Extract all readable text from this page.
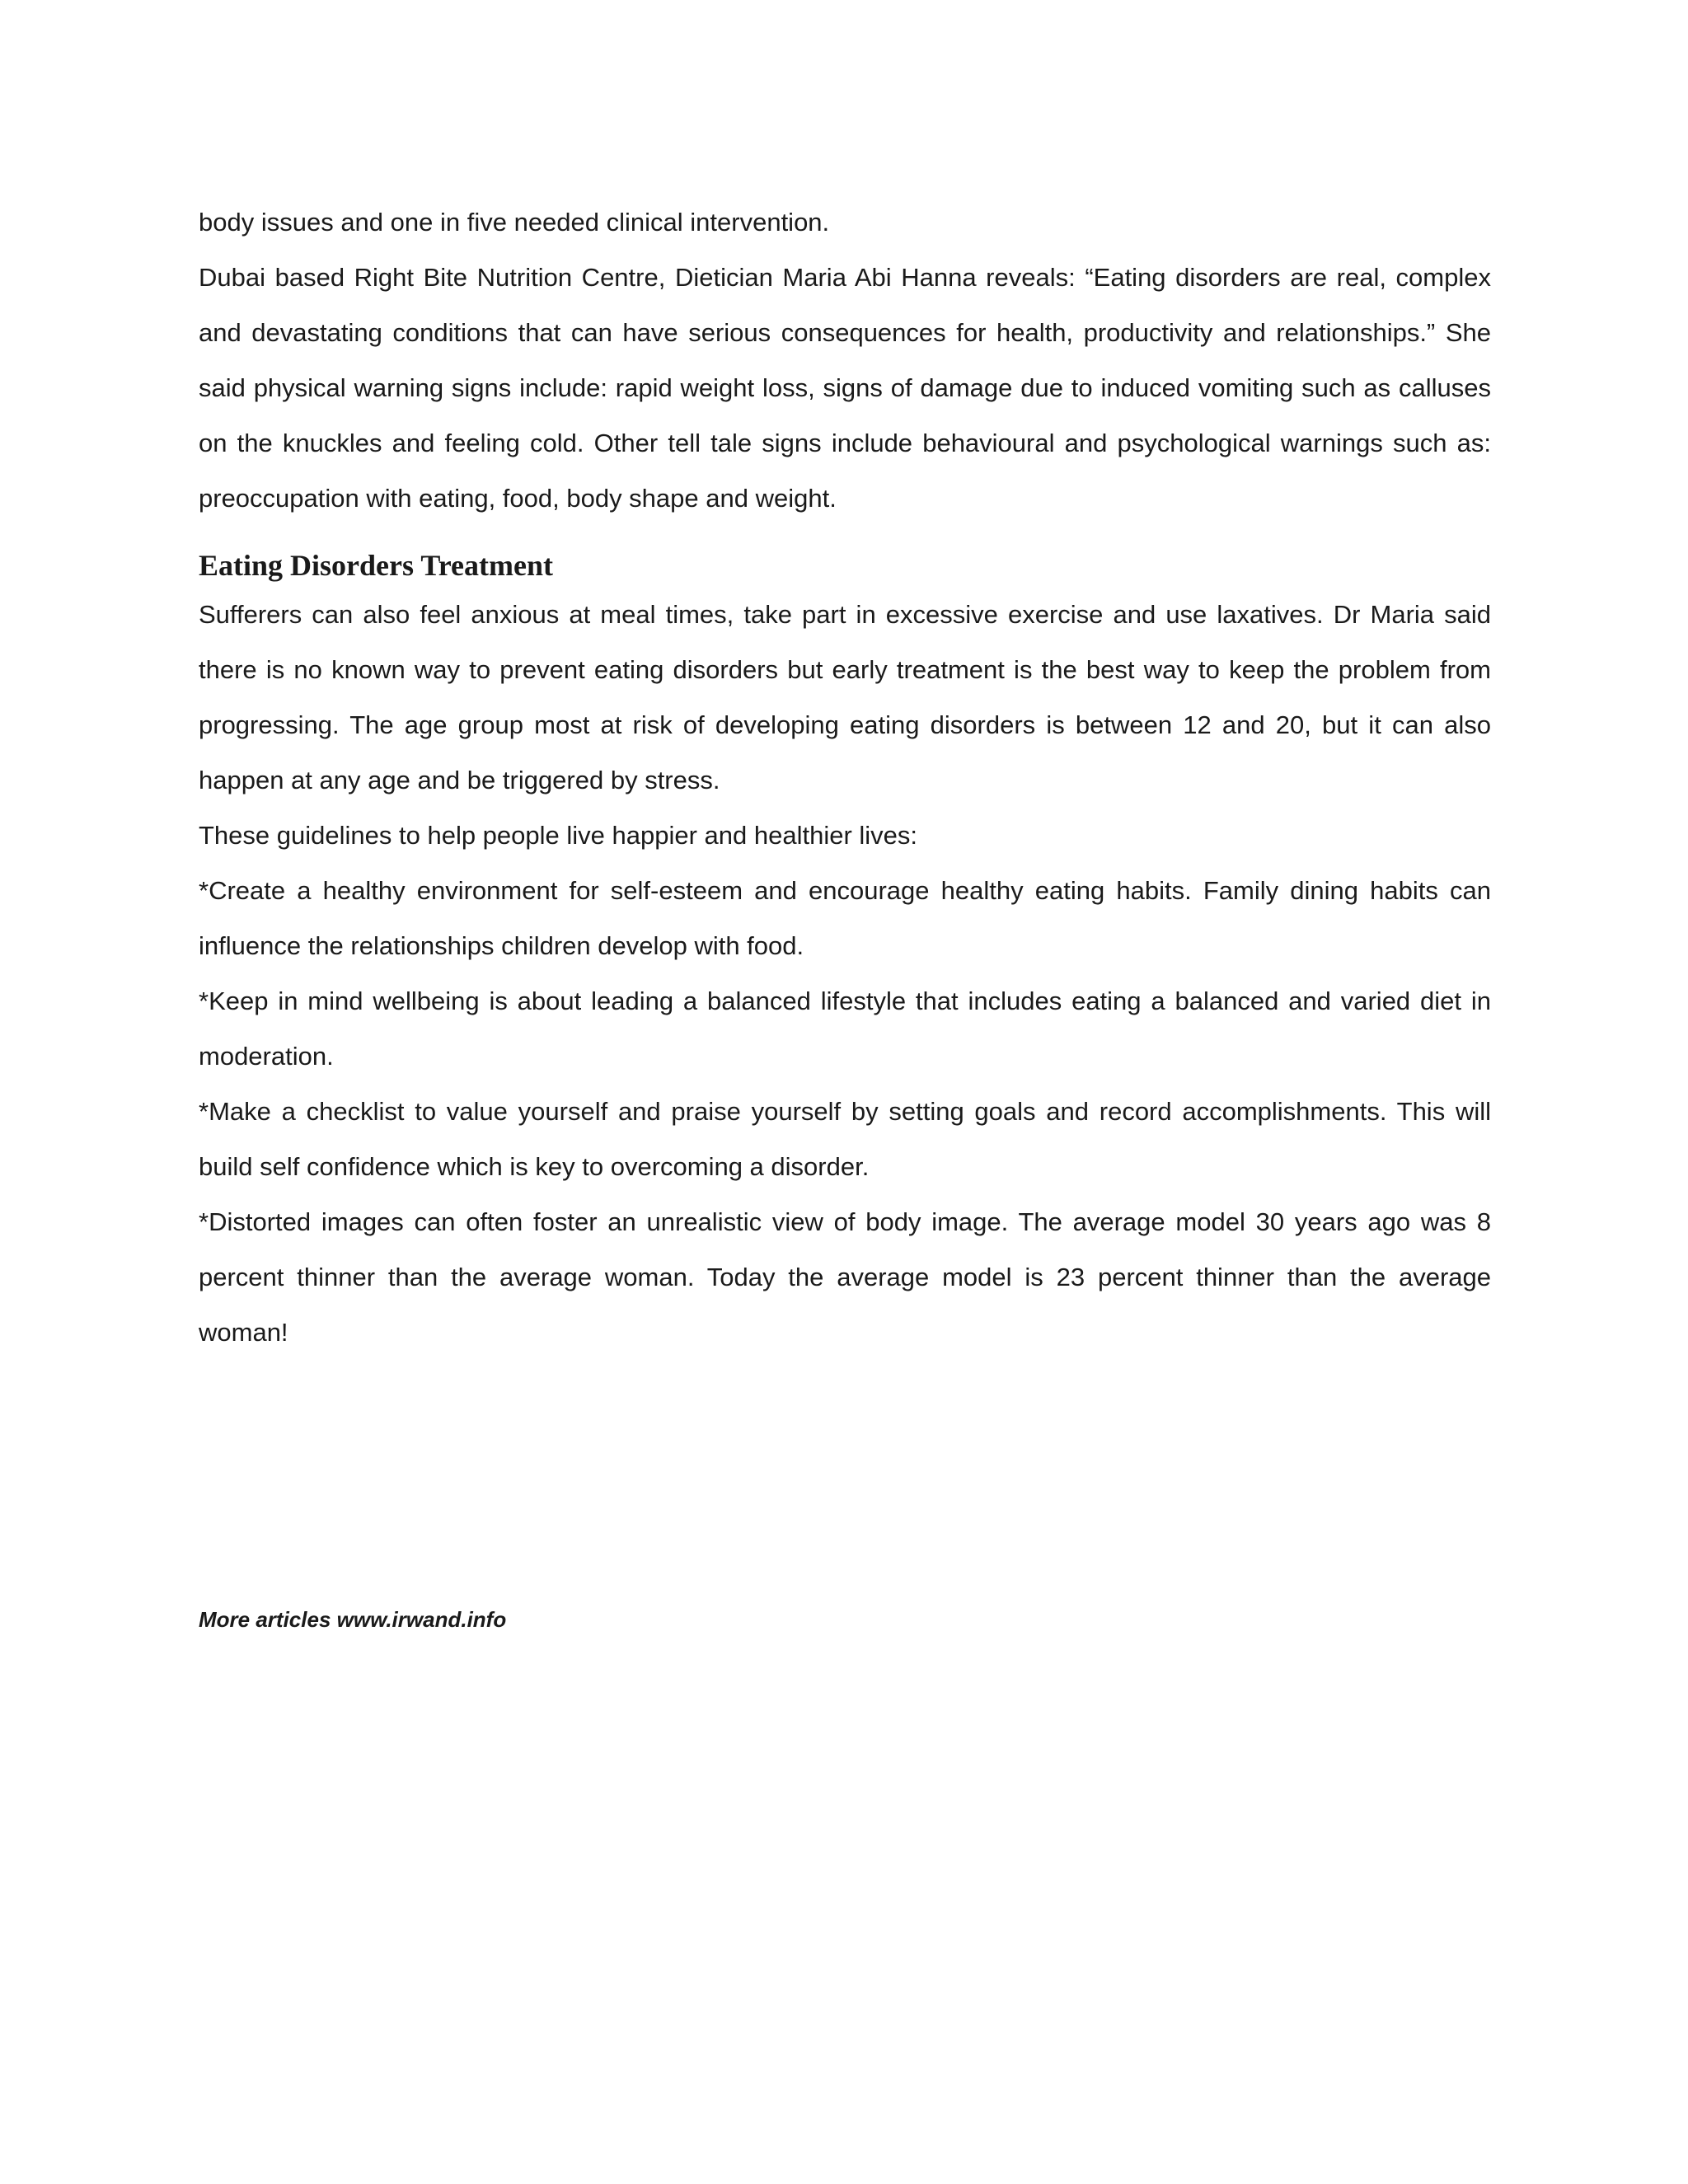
body issues and one in five needed clinical intervention.

Dubai based Right Bite Nutrition Centre, Dietician Maria Abi Hanna reveals: “Eating disorders are real, complex and devastating conditions that can have serious consequences for health, productivity and relationships.” She said physical warning signs include: rapid weight loss, signs of damage due to induced vomiting such as calluses on the knuckles and feeling cold. Other tell tale signs include behavioural and psychological warnings such as: preoccupation with eating, food, body shape and weight.

Eating Disorders Treatment

Sufferers can also feel anxious at meal times, take part in excessive exercise and use laxatives. Dr Maria said there is no known way to prevent eating disorders but early treatment is the best way to keep the problem from progressing. The age group most at risk of developing eating disorders is between 12 and 20, but it can also happen at any age and be triggered by stress.

These guidelines to help people live happier and healthier lives:

*Create a healthy environment for self-esteem and encourage healthy eating habits. Family dining habits can influence the relationships children develop with food.

*Keep in mind wellbeing is about leading a balanced lifestyle that includes eating a balanced and varied diet in moderation.

*Make a checklist to value yourself and praise yourself by setting goals and record accomplishments. This will build self confidence which is key to overcoming a disorder.

*Distorted images can often foster an unrealistic view of body image. The average model 30 years ago was 8 percent thinner than the average woman. Today the average model is 23 percent thinner than the average woman!

More articles www.irwand.info
